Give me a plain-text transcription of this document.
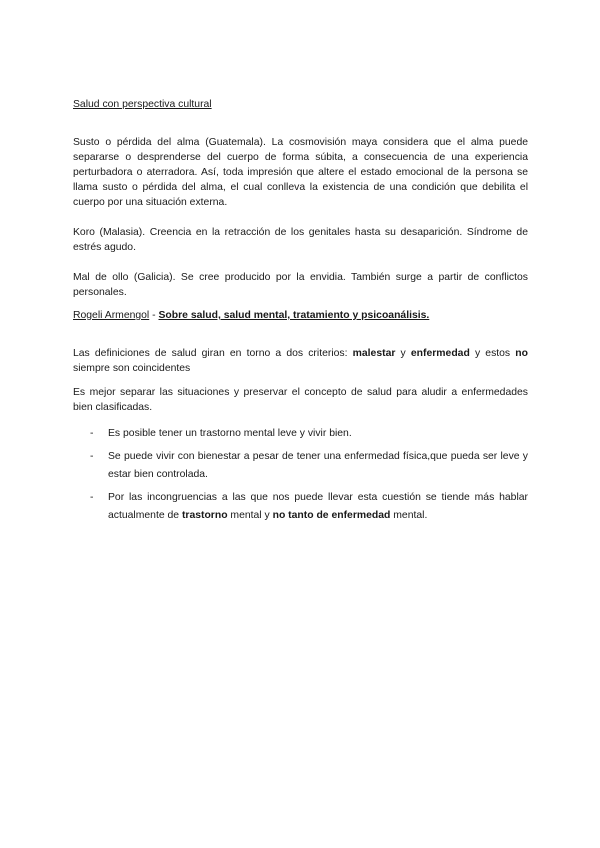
Salud con perspectiva cultural

Susto o pérdida del alma (Guatemala). La cosmovisión maya considera que el alma puede separarse o desprenderse del cuerpo de forma súbita, a consecuencia de una experiencia perturbadora o aterradora. Así, toda impresión que altere el estado emocional de la persona se llama susto o pérdida del alma, el cual conlleva la existencia de una condición que debilita el cuerpo por una situación externa.

Koro (Malasia). Creencia en la retracción de los genitales hasta su desaparición. Síndrome de estrés agudo.

Mal de ollo (Galicia). Se cree producido por la envidia. También surge a partir de conflictos personales.

Rogeli Armengol - Sobre salud, salud mental, tratamiento y psicoanálisis.

Las definiciones de salud giran en torno a dos criterios: malestar y enfermedad y estos no siempre son coincidentes

Es mejor separar las situaciones y preservar el concepto de salud para aludir a enfermedades bien clasificadas.

- Es posible tener un trastorno mental leve y vivir bien.
- Se puede vivir con bienestar a pesar de tener una enfermedad física,que pueda ser leve y estar bien controlada.
- Por las incongruencias a las que nos puede llevar esta cuestión se tiende más hablar actualmente de trastorno mental y no tanto de enfermedad mental.
